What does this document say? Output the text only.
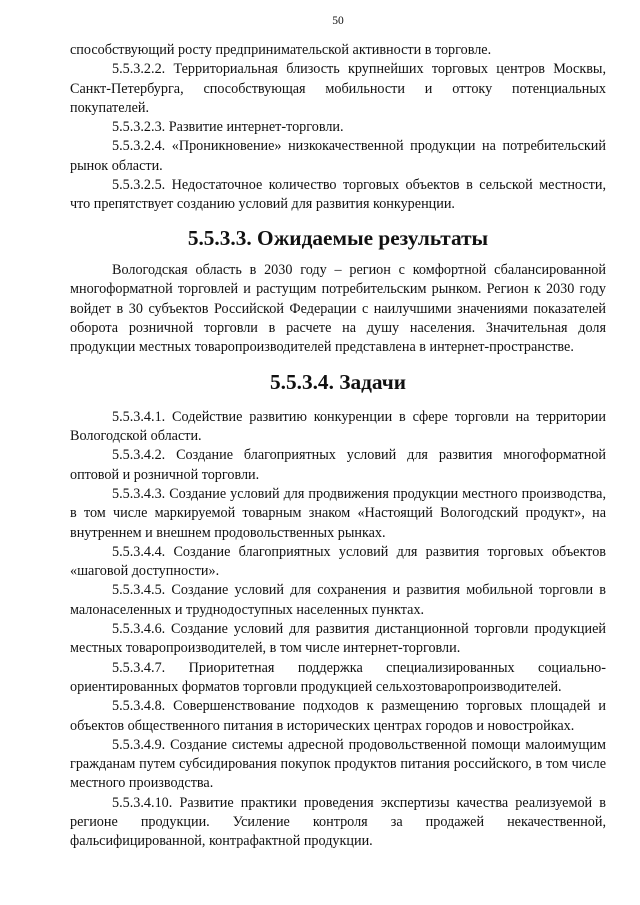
50

способствующий росту предпринимательской активности в торговле.

5.5.3.2.2. Территориальная близость крупнейших торговых центров Москвы, Санкт-Петербурга, способствующая мобильности и оттоку потенциальных покупателей.

5.5.3.2.3. Развитие интернет-торговли.

5.5.3.2.4. «Проникновение» низкокачественной продукции на потребительский рынок области.

5.5.3.2.5. Недостаточное количество торговых объектов в сельской местности, что препятствует созданию условий для развития конкуренции.

5.5.3.3. Ожидаемые результаты

Вологодская область в 2030 году – регион с комфортной сбалансированной многоформатной торговлей и растущим потребительским рынком. Регион к 2030 году войдет в 30 субъектов Российской Федерации с наилучшими значениями показателей оборота розничной торговли в расчете на душу населения. Значительная доля продукции местных товаропроизводителей представлена в интернет-пространстве.

5.5.3.4. Задачи

5.5.3.4.1. Содействие развитию конкуренции в сфере торговли на территории Вологодской области.

5.5.3.4.2. Создание благоприятных условий для развития многоформатной оптовой и розничной торговли.

5.5.3.4.3. Создание условий для продвижения продукции местного производства, в том числе маркируемой товарным знаком «Настоящий Вологодский продукт», на внутреннем и внешнем продовольственных рынках.

5.5.3.4.4. Создание благоприятных условий для развития торговых объектов «шаговой доступности».

5.5.3.4.5. Создание условий для сохранения и развития мобильной торговли в малонаселенных и труднодоступных населенных пунктах.

5.5.3.4.6. Создание условий для развития дистанционной торговли продукцией местных товаропроизводителей, в том числе интернет-торговли.

5.5.3.4.7. Приоритетная поддержка специализированных социально-ориентированных форматов торговли продукцией сельхозтоваропроизводителей.

5.5.3.4.8. Совершенствование подходов к размещению торговых площадей и объектов общественного питания в исторических центрах городов и новостройках.

5.5.3.4.9. Создание системы адресной продовольственной помощи малоимущим гражданам путем субсидирования покупок продуктов питания российского, в том числе местного производства.

5.5.3.4.10. Развитие практики проведения экспертизы качества реализуемой в регионе продукции. Усиление контроля за продажей некачественной, фальсифицированной, контрафактной продукции.
